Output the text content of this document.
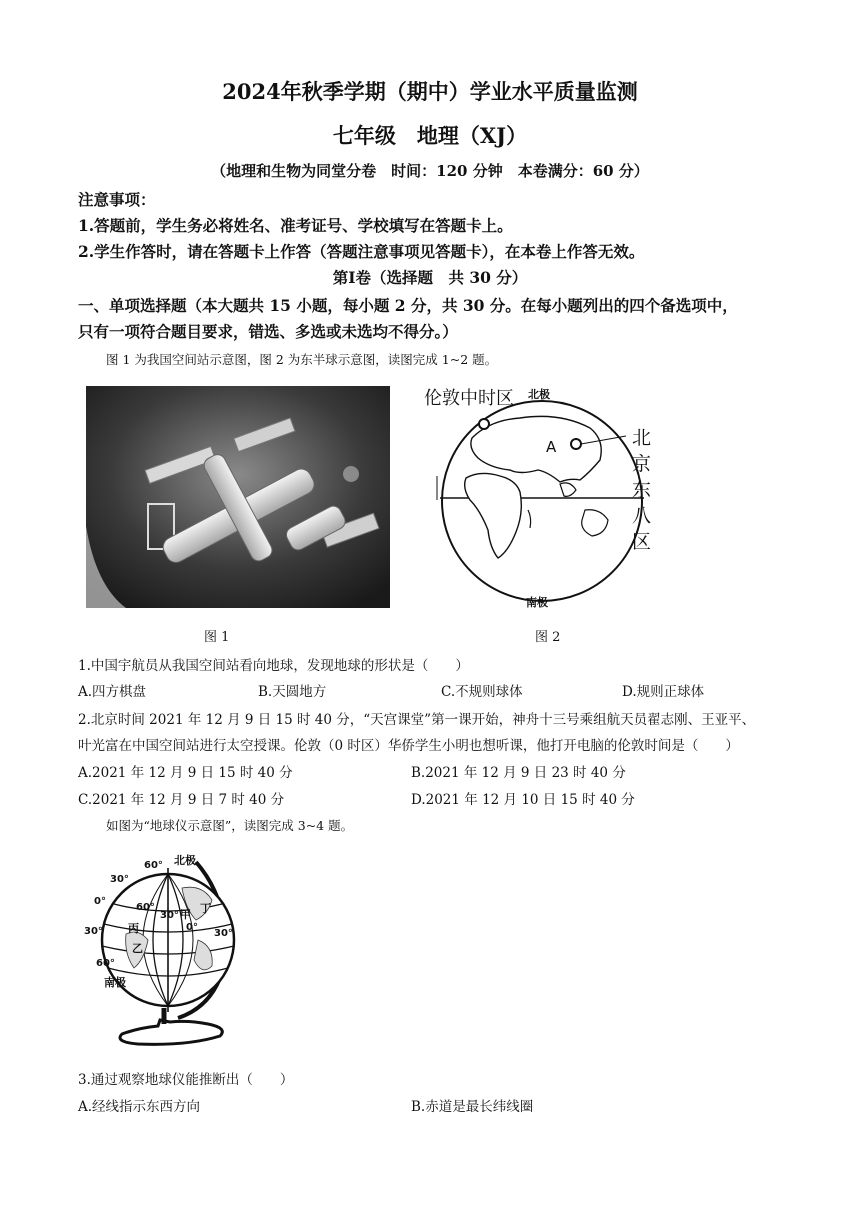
2024年秋季学期（期中）学业水平质量监测
七年级　地理（XJ）
（地理和生物为同堂分卷　时间：120 分钟　本卷满分：60 分）
注意事项：
1.答题前，学生务必将姓名、准考证号、学校填写在答题卡上。
2.学生作答时，请在答题卡上作答（答题注意事项见答题卡），在本卷上作答无效。
第Ⅰ卷（选择题　共 30 分）
一、单项选择题（本大题共 15 小题，每小题 2 分，共 30 分。在每小题列出的四个备选项中，
只有一项符合题目要求，错选、多选或未选均不得分。）
图 1 为我国空间站示意图，图 2 为东半球示意图，读图完成 1~2 题。
图 1
伦敦中时区 北极
A
南极
北
京
东
八
区
图 2
1.中国宇航员从我国空间站看向地球，发现地球的形状是（　　）
A.四方棋盘	B.天圆地方	C.不规则球体	D.规则正球体
2.北京时间 2021 年 12 月 9 日 15 时 40 分，“天宫课堂”第一课开始，神舟十三号乘组航天员翟志刚、王亚平、
叶光富在中国空间站进行太空授课。伦敦（0 时区）华侨学生小明也想听课，他打开电脑的伦敦时间是（　　）
A.2021 年 12 月 9 日 15 时 40 分	B.2021 年 12 月 9 日 23 时 40 分
C.2021 年 12 月 9 日 7 时 40 分	D.2021 年 12 月 10 日 15 时 40 分
如图为“地球仪示意图”，读图完成 3~4 题。
北极
60°
30°
0°
30°
60°
南极
60°
30° 甲 丁
0°
丙
乙
30°
3.通过观察地球仪能推断出（　　）
A.经线指示东西方向	B.赤道是最长纬线圈
